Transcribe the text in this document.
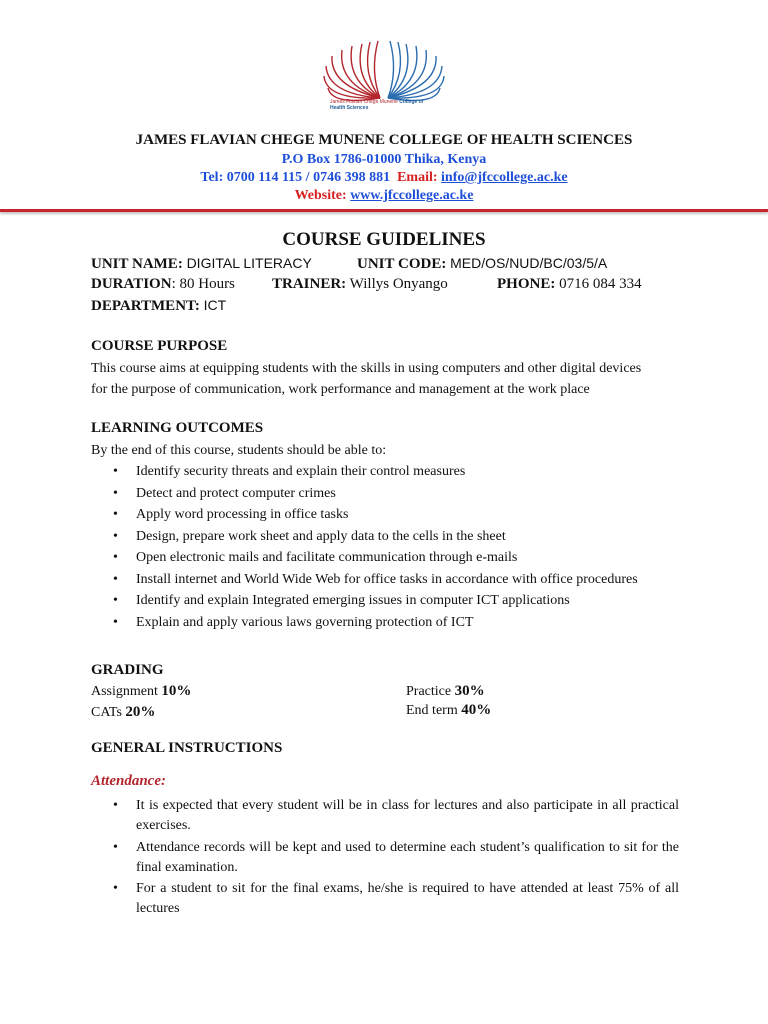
James Flavian Chege Munene College of Health Sciences
JAMES FLAVIAN CHEGE MUNENE COLLEGE OF HEALTH SCIENCES
P.O Box 1786-01000 Thika, Kenya
Tel: 0700 114 115 / 0746 398 881 Email: info@jfccollege.ac.ke
Website: www.jfccollege.ac.ke
COURSE GUIDELINES
UNIT NAME: DIGITAL LITERACY	UNIT CODE: MED/OS/NUD/BC/03/5/A
DURATION: 80 Hours TRAINER: Willys Onyango	PHONE: 0716 084 334
DEPARTMENT: ICT
COURSE PURPOSE
This course aims at equipping students with the skills in using computers and other digital devices
for the purpose of communication, work performance and management at the work place
LEARNING OUTCOMES
By the end of this course, students should be able to:
• Identify security threats and explain their control measures
• Detect and protect computer crimes
• Apply word processing in office tasks
• Design, prepare work sheet and apply data to the cells in the sheet
• Open electronic mails and facilitate communication through e-mails
• Install internet and World Wide Web for office tasks in accordance with office procedures
• Identify and explain Integrated emerging issues in computer ICT applications
• Explain and apply various laws governing protection of ICT
GRADING
Assignment 10%
CATs 20%
Practice 30%
End term 40%
GENERAL INSTRUCTIONS
Attendance:
• It is expected that every student will be in class for lectures and also participate in all practical exercises.
• Attendance records will be kept and used to determine each student’s qualification to sit for the final examination.
• For a student to sit for the final exams, he/she is required to have attended at least 75% of all lectures
